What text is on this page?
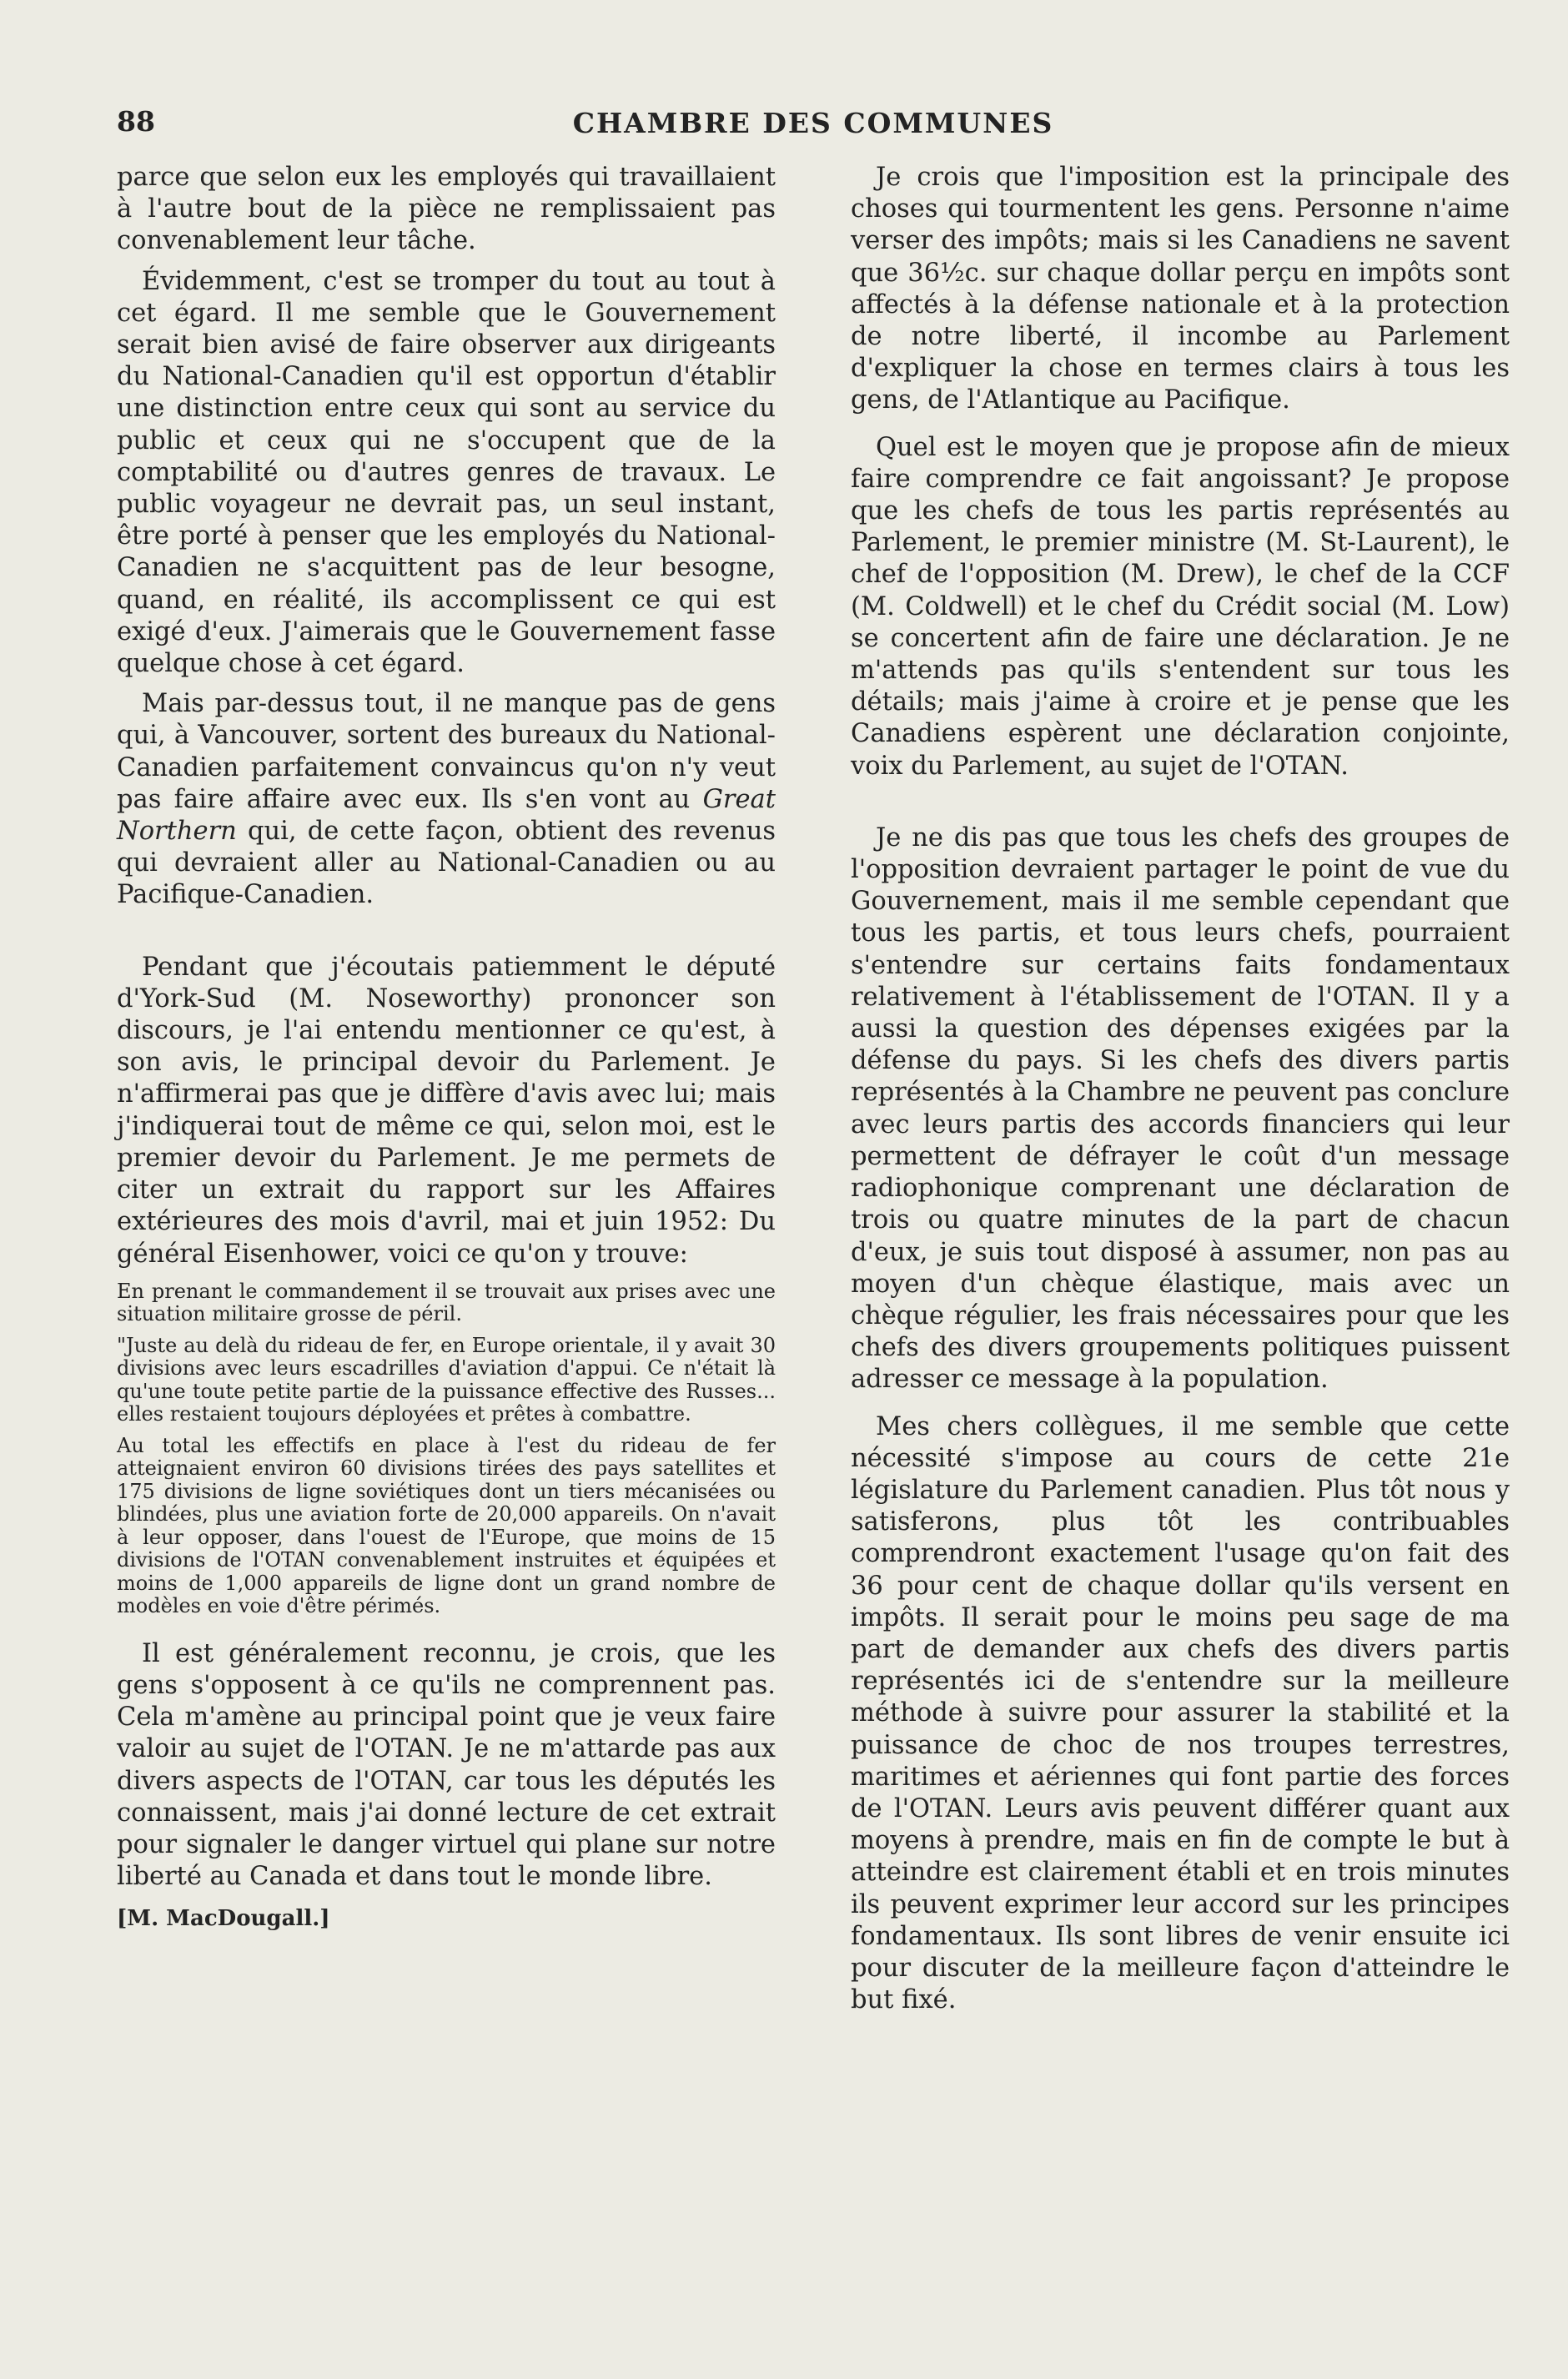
88	CHAMBRE DES COMMUNES

parce que selon eux les employés qui travaillaient à l'autre bout de la pièce ne remplissaient pas convenablement leur tâche.

Évidemment, c'est se tromper du tout au tout à cet égard. Il me semble que le Gouvernement serait bien avisé de faire observer aux dirigeants du National-Canadien qu'il est opportun d'établir une distinction entre ceux qui sont au service du public et ceux qui ne s'occupent que de la comptabilité ou d'autres genres de travaux. Le public voyageur ne devrait pas, un seul instant, être porté à penser que les employés du National-Canadien ne s'acquittent pas de leur besogne, quand, en réalité, ils accomplissent ce qui est exigé d'eux. J'aimerais que le Gouvernement fasse quelque chose à cet égard.

Mais par-dessus tout, il ne manque pas de gens qui, à Vancouver, sortent des bureaux du National-Canadien parfaitement convaincus qu'on n'y veut pas faire affaire avec eux. Ils s'en vont au Great Northern qui, de cette façon, obtient des revenus qui devraient aller au National-Canadien ou au Pacifique-Canadien.

Pendant que j'écoutais patiemment le député d'York-Sud (M. Noseworthy) prononcer son discours, je l'ai entendu mentionner ce qu'est, à son avis, le principal devoir du Parlement. Je n'affirmerai pas que je diffère d'avis avec lui; mais j'indiquerai tout de même ce qui, selon moi, est le premier devoir du Parlement. Je me permets de citer un extrait du rapport sur les Affaires extérieures des mois d'avril, mai et juin 1952: Du général Eisenhower, voici ce qu'on y trouve:

En prenant le commandement il se trouvait aux prises avec une situation militaire grosse de péril.

"Juste au delà du rideau de fer, en Europe orientale, il y avait 30 divisions avec leurs escadrilles d'aviation d'appui. Ce n'était là qu'une toute petite partie de la puissance effective des Russes... elles restaient toujours déployées et prêtes à combattre.

Au total les effectifs en place à l'est du rideau de fer atteignaient environ 60 divisions tirées des pays satellites et 175 divisions de ligne soviétiques dont un tiers mécanisées ou blindées, plus une aviation forte de 20,000 appareils. On n'avait à leur opposer, dans l'ouest de l'Europe, que moins de 15 divisions de l'OTAN convenablement instruites et équipées et moins de 1,000 appareils de ligne dont un grand nombre de modèles en voie d'être périmés.

Il est généralement reconnu, je crois, que les gens s'opposent à ce qu'ils ne comprennent pas. Cela m'amène au principal point que je veux faire valoir au sujet de l'OTAN. Je ne m'attarde pas aux divers aspects de l'OTAN, car tous les députés les connaissent, mais j'ai donné lecture de cet extrait pour signaler le danger virtuel qui plane sur notre liberté au Canada et dans tout le monde libre.

[M. MacDougall.]

Je crois que l'imposition est la principale des choses qui tourmentent les gens. Personne n'aime verser des impôts; mais si les Canadiens ne savent que 36½c. sur chaque dollar perçu en impôts sont affectés à la défense nationale et à la protection de notre liberté, il incombe au Parlement d'expliquer la chose en termes clairs à tous les gens, de l'Atlantique au Pacifique.

Quel est le moyen que je propose afin de mieux faire comprendre ce fait angoissant? Je propose que les chefs de tous les partis représentés au Parlement, le premier ministre (M. St-Laurent), le chef de l'opposition (M. Drew), le chef de la CCF (M. Coldwell) et le chef du Crédit social (M. Low) se concertent afin de faire une déclaration. Je ne m'attends pas qu'ils s'entendent sur tous les détails; mais j'aime à croire et je pense que les Canadiens espèrent une déclaration conjointe, voix du Parlement, au sujet de l'OTAN.

Je ne dis pas que tous les chefs des groupes de l'opposition devraient partager le point de vue du Gouvernement, mais il me semble cependant que tous les partis, et tous leurs chefs, pourraient s'entendre sur certains faits fondamentaux relativement à l'établissement de l'OTAN. Il y a aussi la question des dépenses exigées par la défense du pays. Si les chefs des divers partis représentés à la Chambre ne peuvent pas conclure avec leurs partis des accords financiers qui leur permettent de défrayer le coût d'un message radiophonique comprenant une déclaration de trois ou quatre minutes de la part de chacun d'eux, je suis tout disposé à assumer, non pas au moyen d'un chèque élastique, mais avec un chèque régulier, les frais nécessaires pour que les chefs des divers groupements politiques puissent adresser ce message à la population.

Mes chers collègues, il me semble que cette nécessité s'impose au cours de cette 21e législature du Parlement canadien. Plus tôt nous y satisferons, plus tôt les contribuables comprendront exactement l'usage qu'on fait des 36 pour cent de chaque dollar qu'ils versent en impôts. Il serait pour le moins peu sage de ma part de demander aux chefs des divers partis représentés ici de s'entendre sur la meilleure méthode à suivre pour assurer la stabilité et la puissance de choc de nos troupes terrestres, maritimes et aériennes qui font partie des forces de l'OTAN. Leurs avis peuvent différer quant aux moyens à prendre, mais en fin de compte le but à atteindre est clairement établi et en trois minutes ils peuvent exprimer leur accord sur les principes fondamentaux. Ils sont libres de venir ensuite ici pour discuter de la meilleure façon d'atteindre le but fixé.
